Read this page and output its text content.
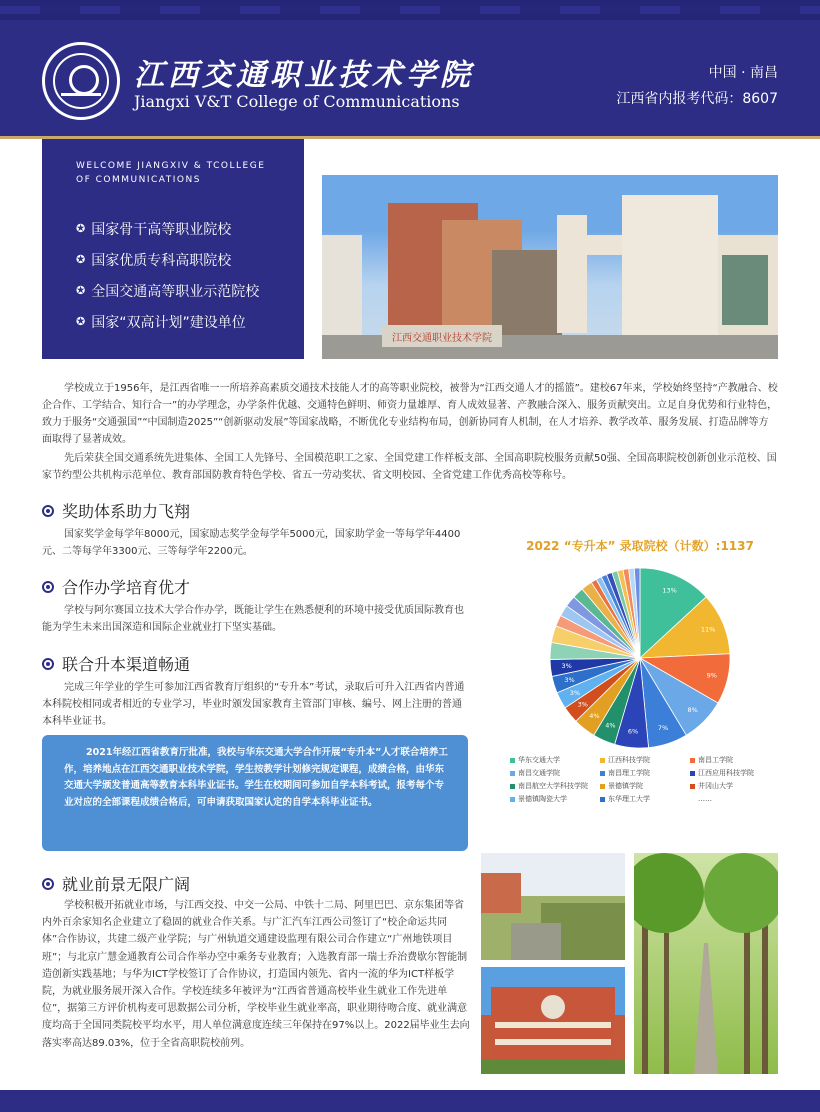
江西交通职业技术学院
Jiangxi V&T College of Communications
中国 · 南昌
江西省内报考代码：8607
WELCOME JIANGXIV & TCOLLEGE OF COMMUNICATIONS
✪ 国家骨干高等职业院校
✪ 国家优质专科高职院校
✪ 全国交通高等职业示范院校
✪ 国家“双高计划”建设单位
江西交通职业技术学院

学校成立于1956年，是江西省唯一一所培养高素质交通技术技能人才的高等职业院校，被誉为“江西交通人才的摇篮”。建校67年来，学校始终坚持“产教融合、校企合作、工学结合、知行合一”的办学理念，办学条件优越、交通特色鲜明、师资力量雄厚、育人成效显著、产教融合深入、服务贡献突出。立足自身优势和行业特色，致力于服务“交通强国”“中国制造2025”“创新驱动发展”等国家战略，不断优化专业结构布局，创新协同育人机制，在人才培养、教学改革、服务发展、打造品牌等方面取得了显著成效。

先后荣获全国交通系统先进集体、全国工人先锋号、全国模范职工之家、全国党建工作样板支部、全国高职院校服务贡献50强、全国高职院校创新创业示范校、国家节约型公共机构示范单位、教育部国防教育特色学校、省五一劳动奖状、省文明校园、全省党建工作优秀高校等称号。

奖助体系助力飞翔
国家奖学金每学年8000元，国家励志奖学金每学年5000元，国家助学金一等每学年4400元、二等每学年3300元、三等每学年2200元。
合作办学培育优才
学校与阿尔赛国立技术大学合作办学，既能让学生在熟悉便利的环境中接受优质国际教育也能为学生未来出国深造和国际企业就业打下坚实基础。
联合升本渠道畅通
完成三年学业的学生可参加江西省教育厅组织的“专升本”考试，录取后可升入江西省内普通本科院校相同或者相近的专业学习，毕业时颁发国家教育主管部门审核、编号、网上注册的普通本科毕业证书。
2021年经江西省教育厅批准，我校与华东交通大学合作开展“专升本”人才联合培养工作，培养地点在江西交通职业技术学院，学生按教学计划修完规定课程，成绩合格，由华东交通大学颁发普通高等教育本科毕业证书。学生在校期间可参加自学本科考试，报考每个专业对应的全部课程成绩合格后，可申请获取国家认定的自学本科毕业证书。
2022 “专升本” 录取院校（计数）:1137
13%
11%
9%
8%
7%
6%
4%
4%
3%
3%
3%
3%
华东交通大学	江西科技学院	南昌工学院
南昌交通学院	南昌理工学院	江西应用科技学院
南昌航空大学科技学院	景德镇学院	井冈山大学
景德镇陶瓷大学	东华理工大学	……
就业前景无限广阔
学校积极开拓就业市场，与江西交投、中交一公局、中铁十二局、阿里巴巴、京东集团等省内外百余家知名企业建立了稳固的就业合作关系。与广汇汽车江西公司签订了“校企命运共同体”合作协议，共建二级产业学院；与广州轨道交通建设监理有限公司合作建立“广州地铁项目班”；与北京广慧金通教育公司合作举办空中乘务专业教育；入选教育部一瑞士乔治费歇尔智能制造创新实践基地；与华为ICT学校签订了合作协议，打造国内领先、省内一流的华为ICT样板学院，为就业服务展开深入合作。学校连续多年被评为“江西省普通高校毕业生就业工作先进单位”，据第三方评价机构麦可思数据公司分析，学校毕业生就业率高，职业期待吻合度、就业满意度均高于全国同类院校平均水平，用人单位满意度连续三年保持在97%以上。2022届毕业生去向落实率高达89.03%，位于全省高职院校前列。
